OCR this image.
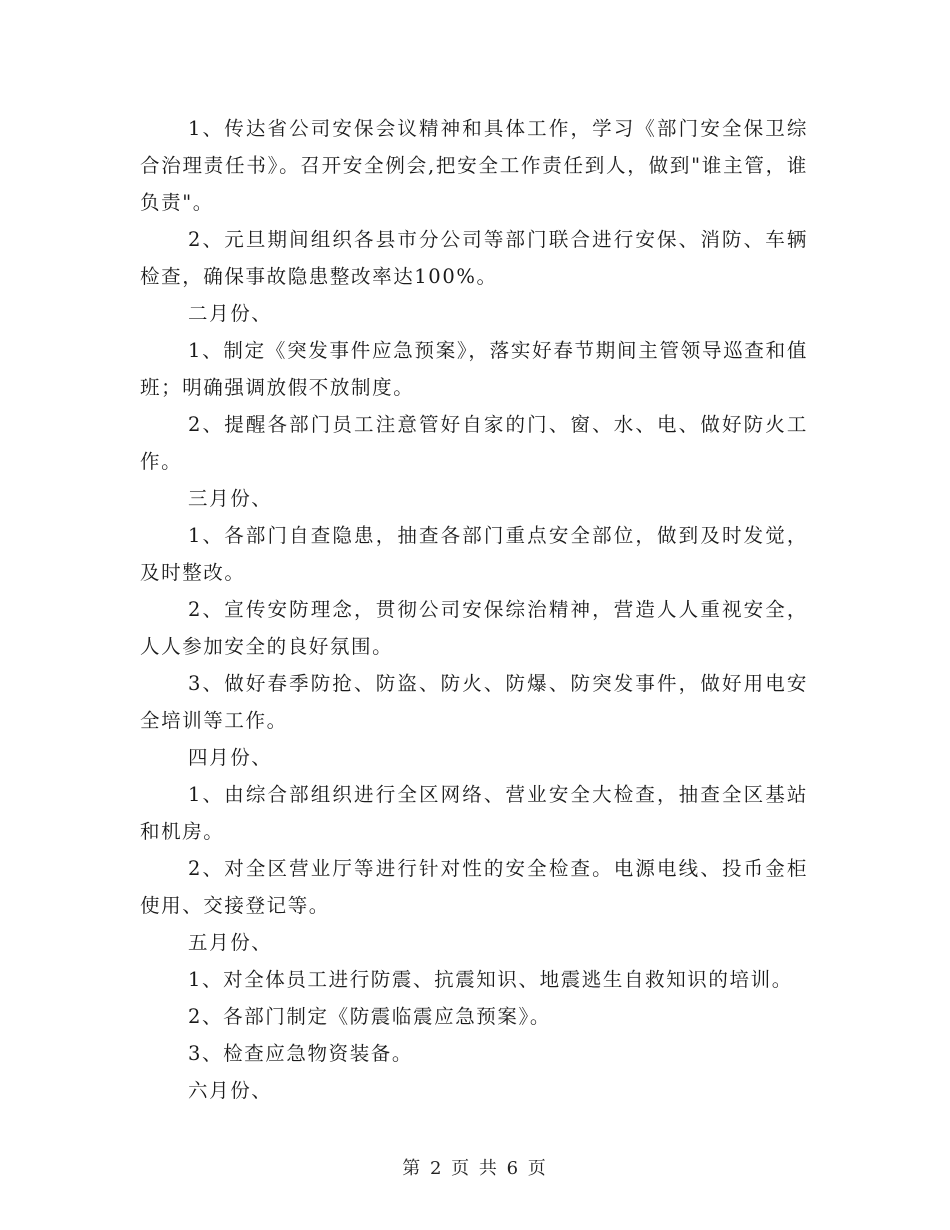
1、传达省公司安保会议精神和具体工作，学习《部门安全保卫综合治理责任书》。召开安全例会,把安全工作责任到人，做到"谁主管，谁负责"。

2、元旦期间组织各县市分公司等部门联合进行安保、消防、车辆检查，确保事故隐患整改率达100%。

二月份、

1、制定《突发事件应急预案》，落实好春节期间主管领导巡查和值班；明确强调放假不放制度。

2、提醒各部门员工注意管好自家的门、窗、水、电、做好防火工作。

三月份、

1、各部门自查隐患，抽查各部门重点安全部位，做到及时发觉，及时整改。

2、宣传安防理念，贯彻公司安保综治精神，营造人人重视安全，人人参加安全的良好氛围。

3、做好春季防抢、防盗、防火、防爆、防突发事件，做好用电安全培训等工作。

四月份、

1、由综合部组织进行全区网络、营业安全大检查，抽查全区基站和机房。

2、对全区营业厅等进行针对性的安全检查。电源电线、投币金柜使用、交接登记等。

五月份、

1、对全体员工进行防震、抗震知识、地震逃生自救知识的培训。

2、各部门制定《防震临震应急预案》。

3、检查应急物资装备。

六月份、

第 2 页 共 6 页
